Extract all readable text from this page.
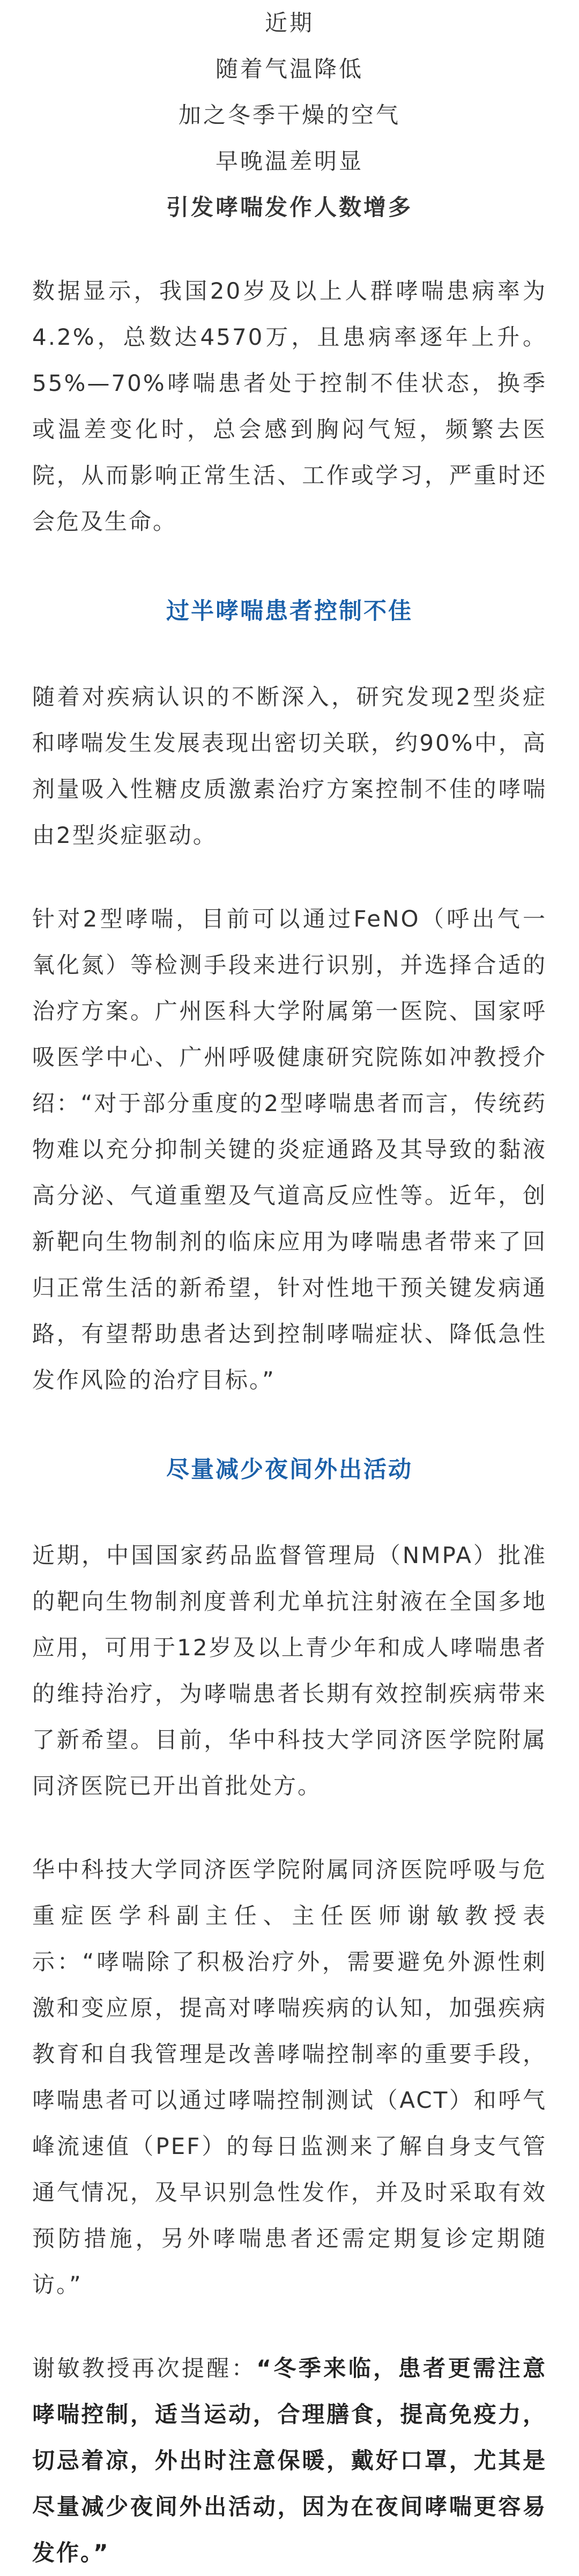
近期

随着气温降低

加之冬季干燥的空气

早晚温差明显

引发哮喘发作人数增多

数据显示，我国20岁及以上人群哮喘患病率为4.2%，总数达4570万，且患病率逐年上升。55%—70%哮喘患者处于控制不佳状态，换季或温差变化时，总会感到胸闷气短，频繁去医院，从而影响正常生活、工作或学习，严重时还会危及生命。

过半哮喘患者控制不佳

随着对疾病认识的不断深入，研究发现2型炎症和哮喘发生发展表现出密切关联，约90%中，高剂量吸入性糖皮质激素治疗方案控制不佳的哮喘由2型炎症驱动。

针对2型哮喘，目前可以通过FeNO（呼出气一氧化氮）等检测手段来进行识别，并选择合适的治疗方案。广州医科大学附属第一医院、国家呼吸医学中心、广州呼吸健康研究院陈如冲教授介绍：“对于部分重度的2型哮喘患者而言，传统药物难以充分抑制关键的炎症通路及其导致的黏液高分泌、气道重塑及气道高反应性等。近年，创新靶向生物制剂的临床应用为哮喘患者带来了回归正常生活的新希望，针对性地干预关键发病通路，有望帮助患者达到控制哮喘症状、降低急性发作风险的治疗目标。”

尽量减少夜间外出活动

近期，中国国家药品监督管理局（NMPA）批准的靶向生物制剂度普利尤单抗注射液在全国多地应用，可用于12岁及以上青少年和成人哮喘患者的维持治疗，为哮喘患者长期有效控制疾病带来了新希望。目前，华中科技大学同济医学院附属同济医院已开出首批处方。

华中科技大学同济医学院附属同济医院呼吸与危重症医学科副主任、主任医师谢敏教授表示：“哮喘除了积极治疗外，需要避免外源性刺激和变应原，提高对哮喘疾病的认知，加强疾病教育和自我管理是改善哮喘控制率的重要手段，哮喘患者可以通过哮喘控制测试（ACT）和呼气峰流速值（PEF）的每日监测来了解自身支气管通气情况，及早识别急性发作，并及时采取有效预防措施，另外哮喘患者还需定期复诊定期随访。”

谢敏教授再次提醒：“冬季来临，患者更需注意哮喘控制，适当运动，合理膳食，提高免疫力，切忌着凉，外出时注意保暖，戴好口罩，尤其是尽量减少夜间外出活动，因为在夜间哮喘更容易发作。”
